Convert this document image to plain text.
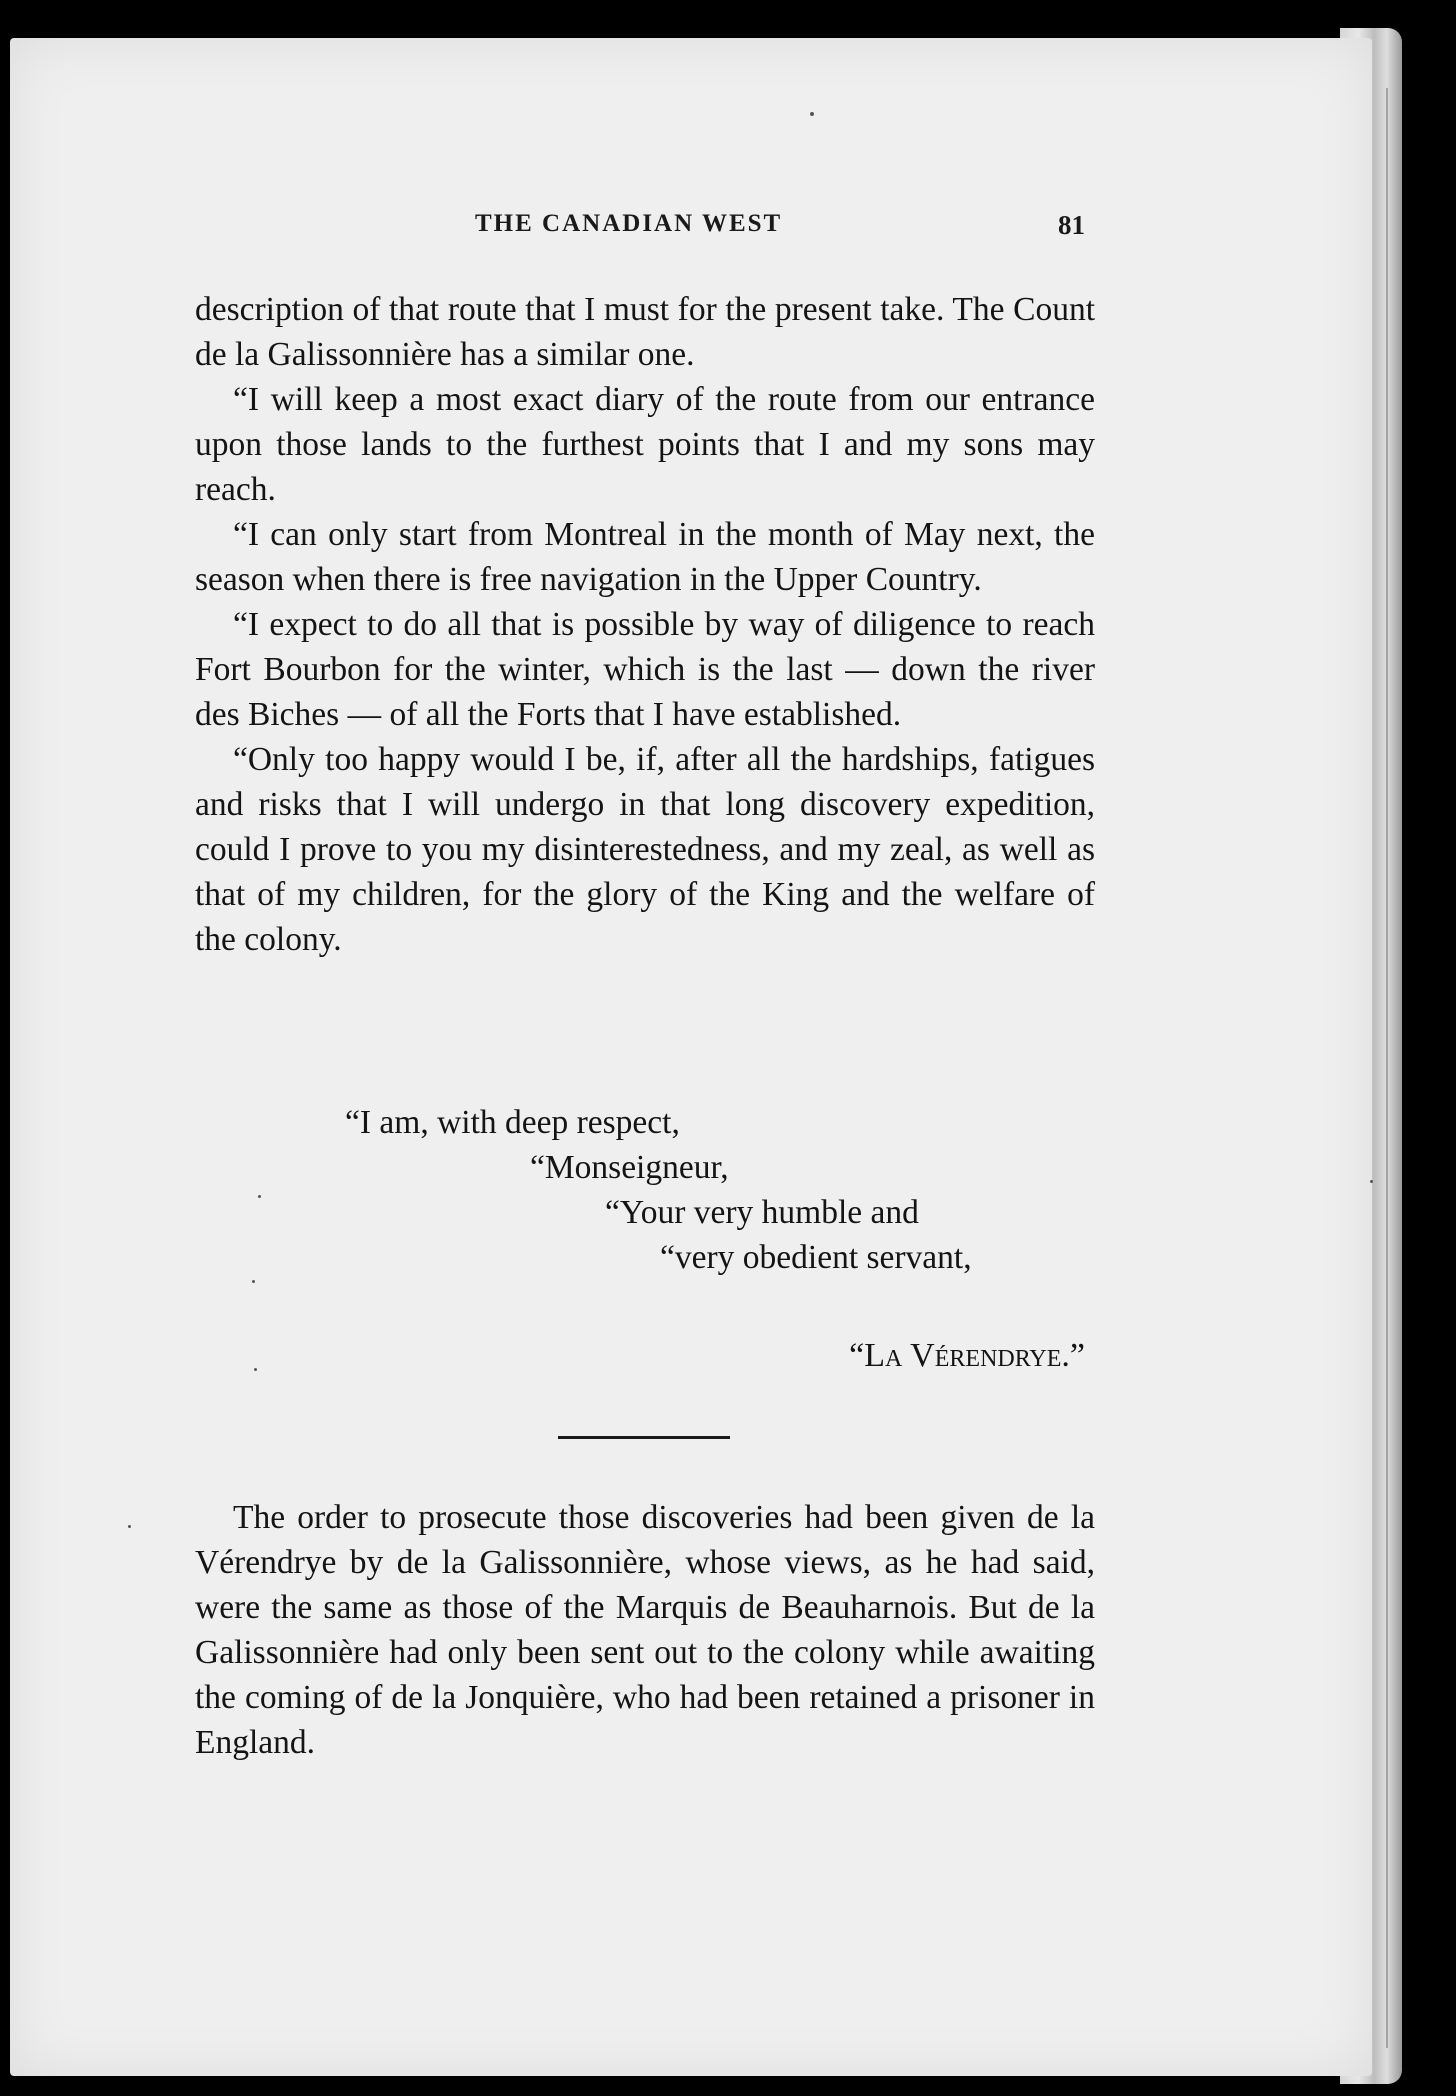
THE CANADIAN WEST	81

description of that route that I must for the present take. The Count de la Galissonnière has a similar one.

“I will keep a most exact diary of the route from our entrance upon those lands to the furthest points that I and my sons may reach.

“I can only start from Montreal in the month of May next, the season when there is free navigation in the Upper Country.

“I expect to do all that is possible by way of diligence to reach Fort Bourbon for the winter, which is the last — down the river des Biches — of all the Forts that I have established.

“Only too happy would I be, if, after all the hardships, fatigues and risks that I will undergo in that long discovery expedition, could I prove to you my disinterestedness, and my zeal, as well as that of my children, for the glory of the King and the welfare of the colony.

“I am, with deep respect,
“Monseigneur,
“Your very humble and
“very obedient servant,
“La Vérendrye.”

The order to prosecute those discoveries had been given de la Vérendrye by de la Galissonnière, whose views, as he had said, were the same as those of the Marquis de Beauharnois. But de la Galissonnière had only been sent out to the colony while awaiting the coming of de la Jonquière, who had been retained a prisoner in England.
